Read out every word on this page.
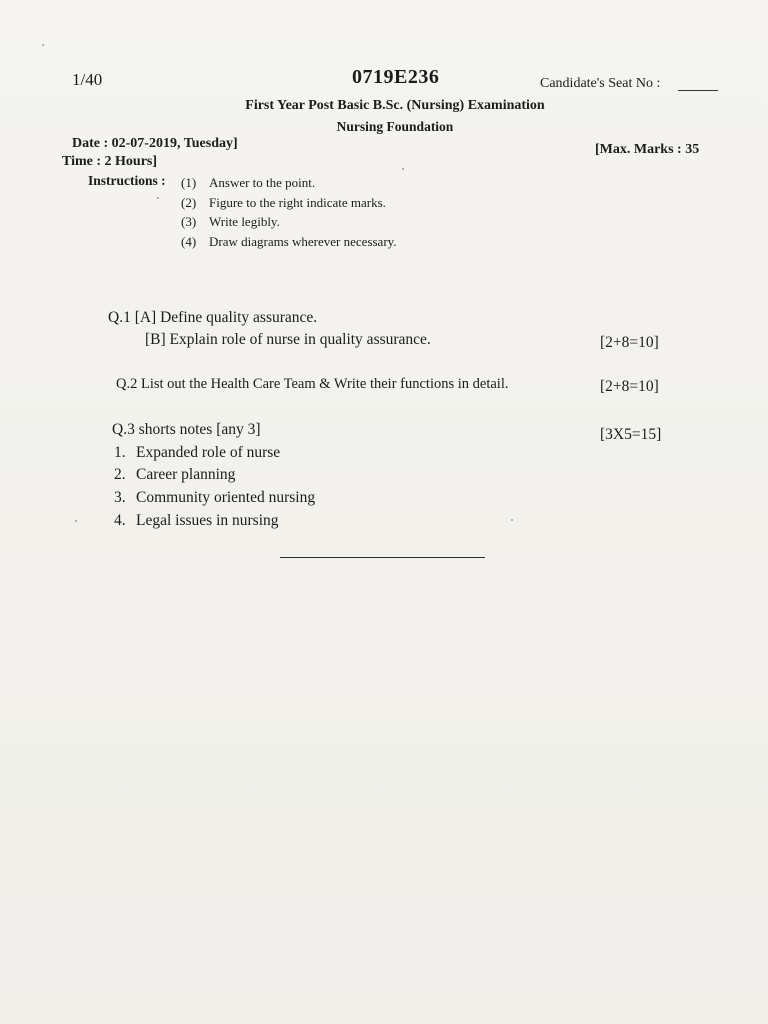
1/40	0719E236	Candidate's Seat No :
First Year Post Basic B.Sc. (Nursing) Examination
Nursing Foundation
Date : 02-07-2019, Tuesday]	[Max. Marks : 35
Time : 2 Hours]
Instructions : (1) Answer to the point.
(2) Figure to the right indicate marks.
(3) Write legibly.
(4) Draw diagrams wherever necessary.
Q.1 [A] Define quality assurance.
[B] Explain role of nurse in quality assurance.	[2+8=10]
Q.2 List out the Health Care Team & Write their functions in detail.	[2+8=10]
Q.3 shorts notes [any 3]	[3X5=15]
1. Expanded role of nurse
2. Career planning
3. Community oriented nursing
4. Legal issues in nursing
